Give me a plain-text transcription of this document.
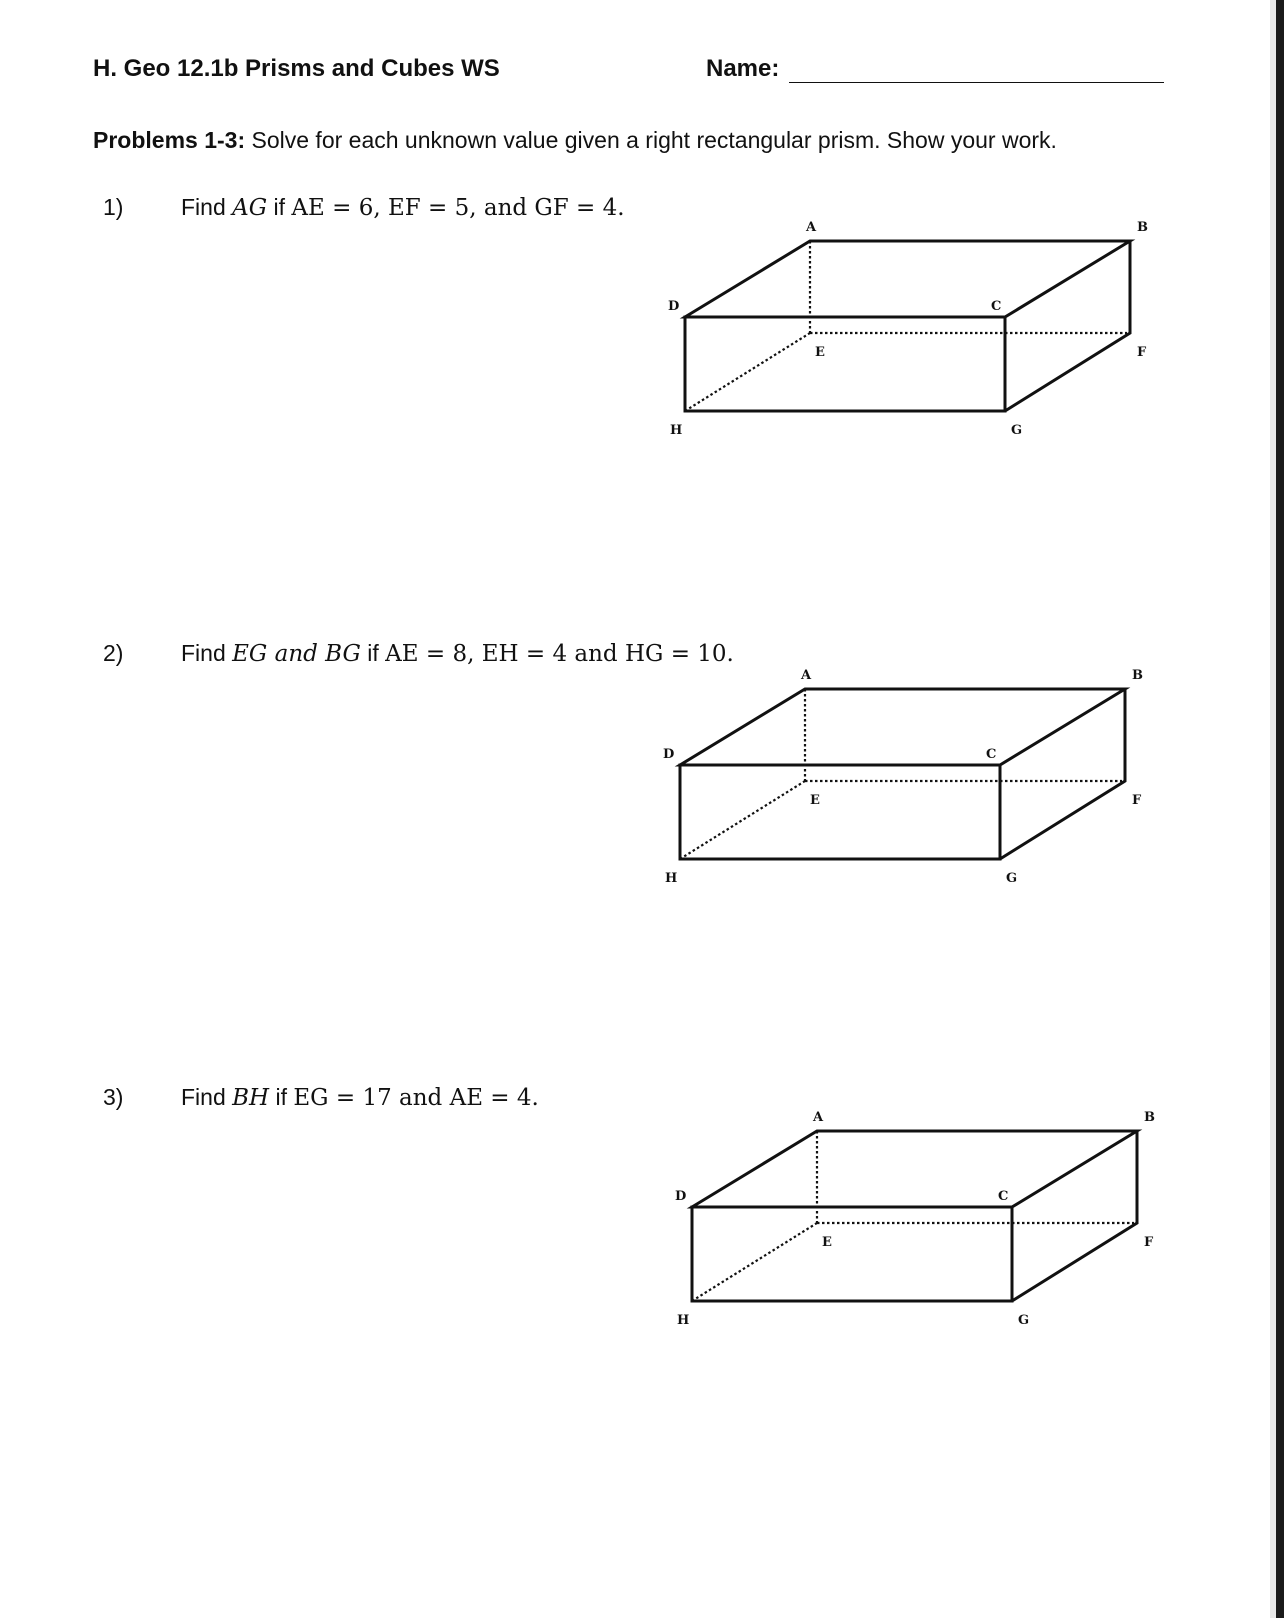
H. Geo 12.1b Prisms and Cubes WS	Name:
Problems 1-3: Solve for each unknown value given a right rectangular prism. Show your work.
1)	Find AG if AE = 6, EF = 5, and GF = 4.
2)	Find EG and BG if AE = 8, EH = 4 and HG = 10.
3)	Find BH if EG = 17 and AE = 4.
A	B
C
D
E	F
G
H
A	B
C
D
E	F
G
H
A	B
C
D
E	F
G
H
